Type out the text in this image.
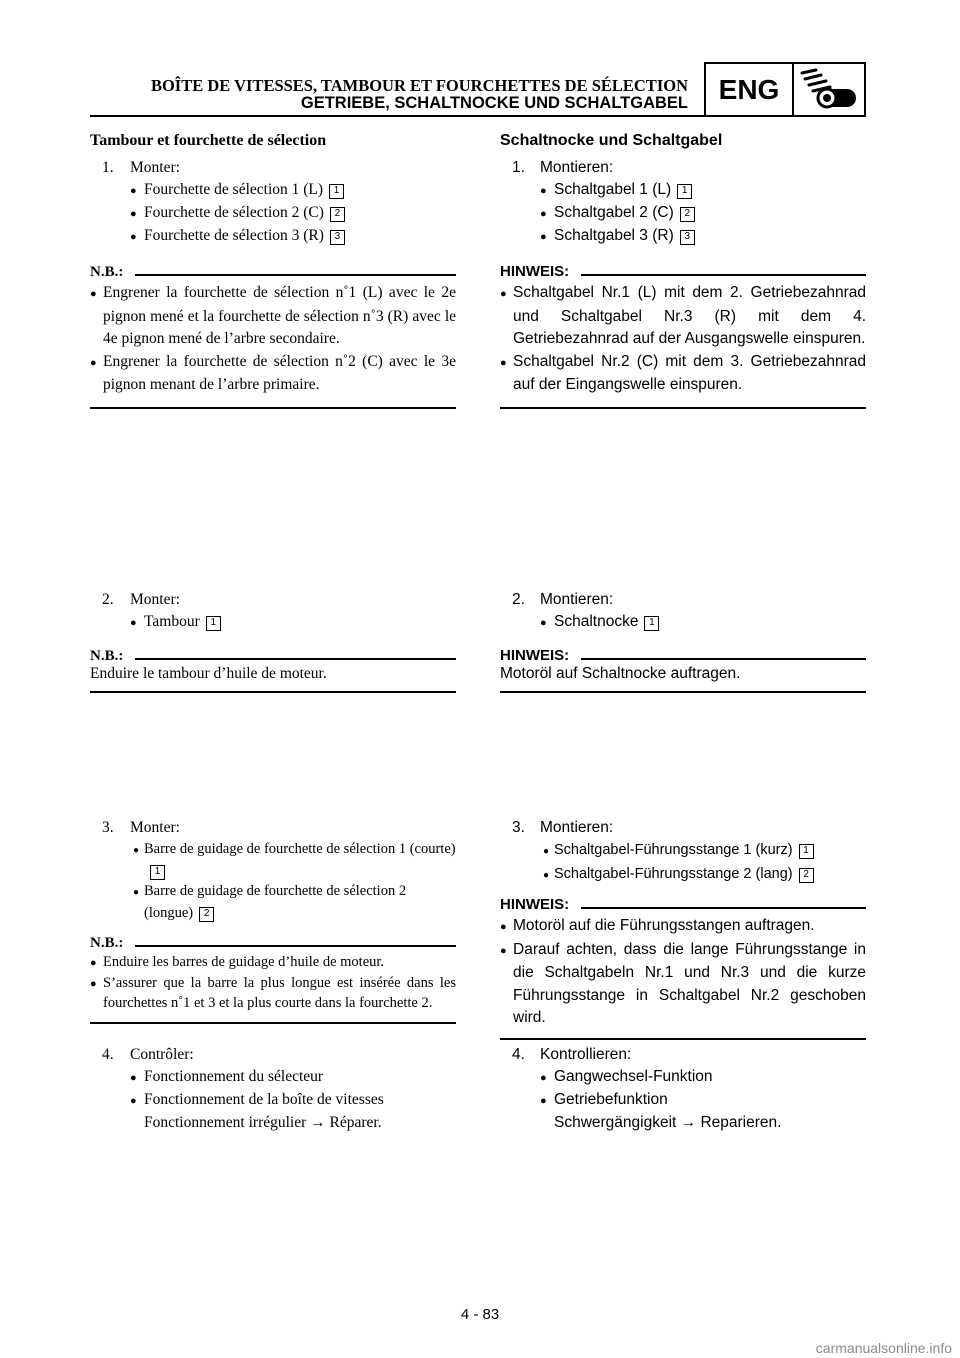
BOÎTE DE VITESSES, TAMBOUR ET FOURCHETTES DE SÉLECTION
GETRIEBE, SCHALTNOCKE UND SCHALTGABEL	ENG

Tambour et fourchette de sélection

1. Monter:

● Fourchette de sélection 1 (L) 1

● Fourchette de sélection 2 (C) 2

● Fourchette de sélection 3 (R) 3

N.B.:

● Engrener la fourchette de sélection n˚1 (L) avec le 2e pignon mené et la fourchette de sélection n˚3 (R) avec le 4e pignon mené de l’arbre secondaire.

● Engrener la fourchette de sélection n˚2 (C) avec le 3e pignon menant de l’arbre primaire.

2. Monter:

● Tambour 1

N.B.:

Enduire le tambour d’huile de moteur.

3. Monter:

● Barre de guidage de fourchette de sélection 1 (courte)1

● Barre de guidage de fourchette de sélection 2 (longue) 2

N.B.:

● Enduire les barres de guidage d’huile de moteur.

● S’assurer que la barre la plus longue est insérée dans les fourchettes n˚1 et 3 et la plus courte dans la fourchette 2.

4. Contrôler:

● Fonctionnement du sélecteur

● Fonctionnement de la boîte de vitesses

Fonctionnement irrégulier → Réparer.

Schaltnocke und Schaltgabel

1. Montieren:

● Schaltgabel 1 (L) 1

● Schaltgabel 2 (C) 2

● Schaltgabel 3 (R) 3

HINWEIS:

● Schaltgabel Nr.1 (L) mit dem 2. Getriebezahnrad und Schaltgabel Nr.3 (R) mit dem 4. Getriebezahnrad auf der Ausgangswelle einspuren.

● Schaltgabel Nr.2 (C) mit dem 3. Getriebezahnrad auf der Eingangswelle einspuren.

2. Montieren:

● Schaltnocke 1

HINWEIS:

Motoröl auf Schaltnocke auftragen.

3. Montieren:

● Schaltgabel-Führungsstange 1 (kurz) 1

● Schaltgabel-Führungsstange 2 (lang) 2

HINWEIS:

● Motoröl auf die Führungsstangen auftragen.

● Darauf achten, dass die lange Führungsstange in die Schaltgabeln Nr.1 und Nr.3 und die kurze Führungsstange in Schaltgabel Nr.2 geschoben wird.

4. Kontrollieren:

● Gangwechsel-Funktion

● Getriebefunktion

Schwergängigkeit → Reparieren.

4 - 83
carmanualsonline.info
